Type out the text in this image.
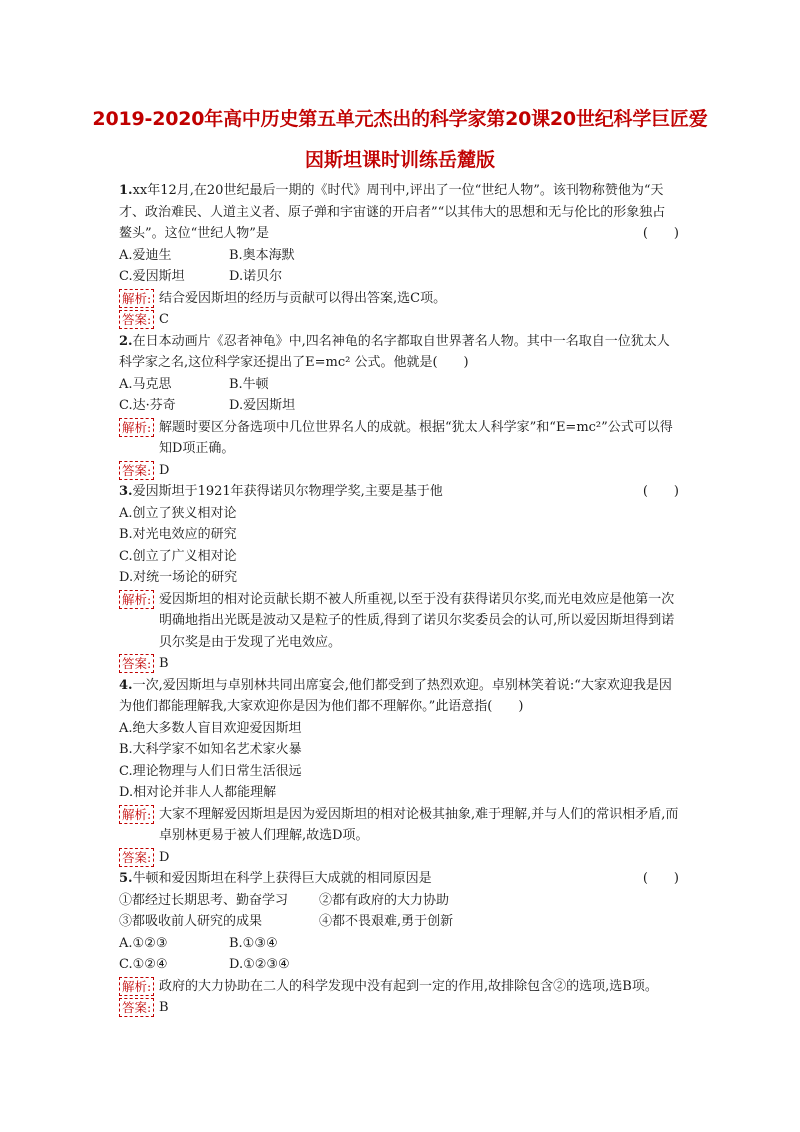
2019-2020年高中历史第五单元杰出的科学家第20课20世纪科学巨匠爱
因斯坦课时训练岳麓版
1.xx年12月,在20世纪最后一期的《时代》周刊中,评出了一位“世纪人物”。该刊物称赞他为“天才、政治难民、人道主义者、原子弹和宇宙谜的开启者”“以其伟大的思想和无与伦比的形象独占鳌头”。这位“世纪人物”是	(　　)
A.爱迪生	B.奥本海默
C.爱因斯坦	D.诺贝尔
解析: 结合爱因斯坦的经历与贡献可以得出答案,选C项。
答案: C
2.在日本动画片《忍者神龟》中,四名神龟的名字都取自世界著名人物。其中一名取自一位犹太人科学家之名,这位科学家还提出了E=mc² 公式。他就是(　　)
A.马克思	B.牛顿
C.达·芬奇	D.爱因斯坦
解析: 解题时要区分备选项中几位世界名人的成就。根据“犹太人科学家”和“E=mc²”公式可以得知D项正确。
答案: D
3.爱因斯坦于1921年获得诺贝尔物理学奖,主要是基于他	(　　)
A.创立了狭义相对论
B.对光电效应的研究
C.创立了广义相对论
D.对统一场论的研究
解析: 爱因斯坦的相对论贡献长期不被人所重视,以至于没有获得诺贝尔奖,而光电效应是他第一次明确地指出光既是波动又是粒子的性质,得到了诺贝尔奖委员会的认可,所以爱因斯坦得到诺贝尔奖是由于发现了光电效应。
答案: B
4.一次,爱因斯坦与卓别林共同出席宴会,他们都受到了热烈欢迎。卓别林笑着说:“大家欢迎我是因为他们都能理解我,大家欢迎你是因为他们都不理解你。”此语意指(　　)
A.绝大多数人盲目欢迎爱因斯坦
B.大科学家不如知名艺术家火暴
C.理论物理与人们日常生活很远
D.相对论并非人人都能理解
解析: 大家不理解爱因斯坦是因为爱因斯坦的相对论极其抽象,难于理解,并与人们的常识相矛盾,而卓别林更易于被人们理解,故选D项。
答案: D
5.牛顿和爱因斯坦在科学上获得巨大成就的相同原因是	(　　)
①都经过长期思考、勤奋学习	②都有政府的大力协助
③都吸收前人研究的成果	④都不畏艰难,勇于创新
A.①②③	B.①③④
C.①②④	D.①②③④
解析: 政府的大力协助在二人的科学发现中没有起到一定的作用,故排除包含②的选项,选B项。
答案: B
